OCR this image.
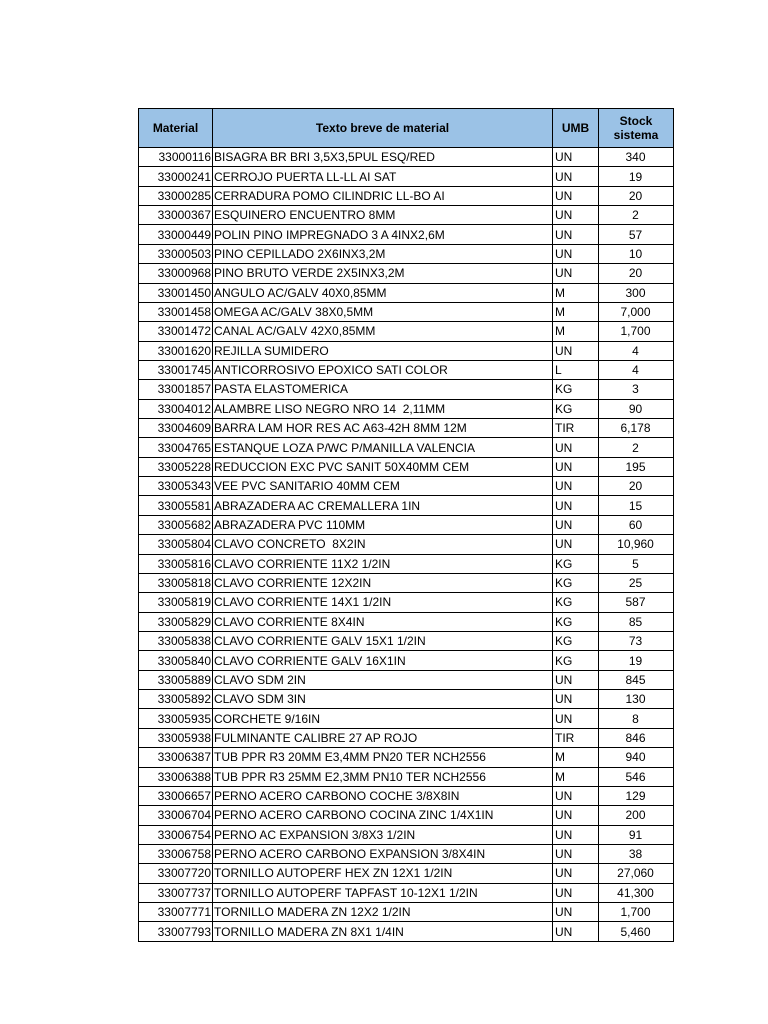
Material	Texto breve de material	UMB	Stock sistema
33000116	BISAGRA BR BRI 3,5X3,5PUL ESQ/RED	UN	340
33000241	CERROJO PUERTA LL-LL AI SAT	UN	19
33000285	CERRADURA POMO CILINDRIC LL-BO AI	UN	20
33000367	ESQUINERO ENCUENTRO 8MM	UN	2
33000449	POLIN PINO IMPREGNADO 3 A 4INX2,6M	UN	57
33000503	PINO CEPILLADO 2X6INX3,2M	UN	10
33000968	PINO BRUTO VERDE 2X5INX3,2M	UN	20
33001450	ANGULO AC/GALV 40X0,85MM	M	300
33001458	OMEGA AC/GALV 38X0,5MM	M	7,000
33001472	CANAL AC/GALV 42X0,85MM	M	1,700
33001620	REJILLA SUMIDERO	UN	4
33001745	ANTICORROSIVO EPOXICO SATI COLOR	L	4
33001857	PASTA ELASTOMERICA	KG	3
33004012	ALAMBRE LISO NEGRO NRO 14  2,11MM	KG	90
33004609	BARRA LAM HOR RES AC A63-42H 8MM 12M	TIR	6,178
33004765	ESTANQUE LOZA P/WC P/MANILLA VALENCIA	UN	2
33005228	REDUCCION EXC PVC SANIT 50X40MM CEM	UN	195
33005343	VEE PVC SANITARIO 40MM CEM	UN	20
33005581	ABRAZADERA AC CREMALLERA 1IN	UN	15
33005682	ABRAZADERA PVC 110MM	UN	60
33005804	CLAVO CONCRETO  8X2IN	UN	10,960
33005816	CLAVO CORRIENTE 11X2 1/2IN	KG	5
33005818	CLAVO CORRIENTE 12X2IN	KG	25
33005819	CLAVO CORRIENTE 14X1 1/2IN	KG	587
33005829	CLAVO CORRIENTE 8X4IN	KG	85
33005838	CLAVO CORRIENTE GALV 15X1 1/2IN	KG	73
33005840	CLAVO CORRIENTE GALV 16X1IN	KG	19
33005889	CLAVO SDM 2IN	UN	845
33005892	CLAVO SDM 3IN	UN	130
33005935	CORCHETE 9/16IN	UN	8
33005938	FULMINANTE CALIBRE 27 AP ROJO	TIR	846
33006387	TUB PPR R3 20MM E3,4MM PN20 TER NCH2556	M	940
33006388	TUB PPR R3 25MM E2,3MM PN10 TER NCH2556	M	546
33006657	PERNO ACERO CARBONO COCHE 3/8X8IN	UN	129
33006704	PERNO ACERO CARBONO COCINA ZINC 1/4X1IN	UN	200
33006754	PERNO AC EXPANSION 3/8X3 1/2IN	UN	91
33006758	PERNO ACERO CARBONO EXPANSION 3/8X4IN	UN	38
33007720	TORNILLO AUTOPERF HEX ZN 12X1 1/2IN	UN	27,060
33007737	TORNILLO AUTOPERF TAPFAST 10-12X1 1/2IN	UN	41,300
33007771	TORNILLO MADERA ZN 12X2 1/2IN	UN	1,700
33007793	TORNILLO MADERA ZN 8X1 1/4IN	UN	5,460
